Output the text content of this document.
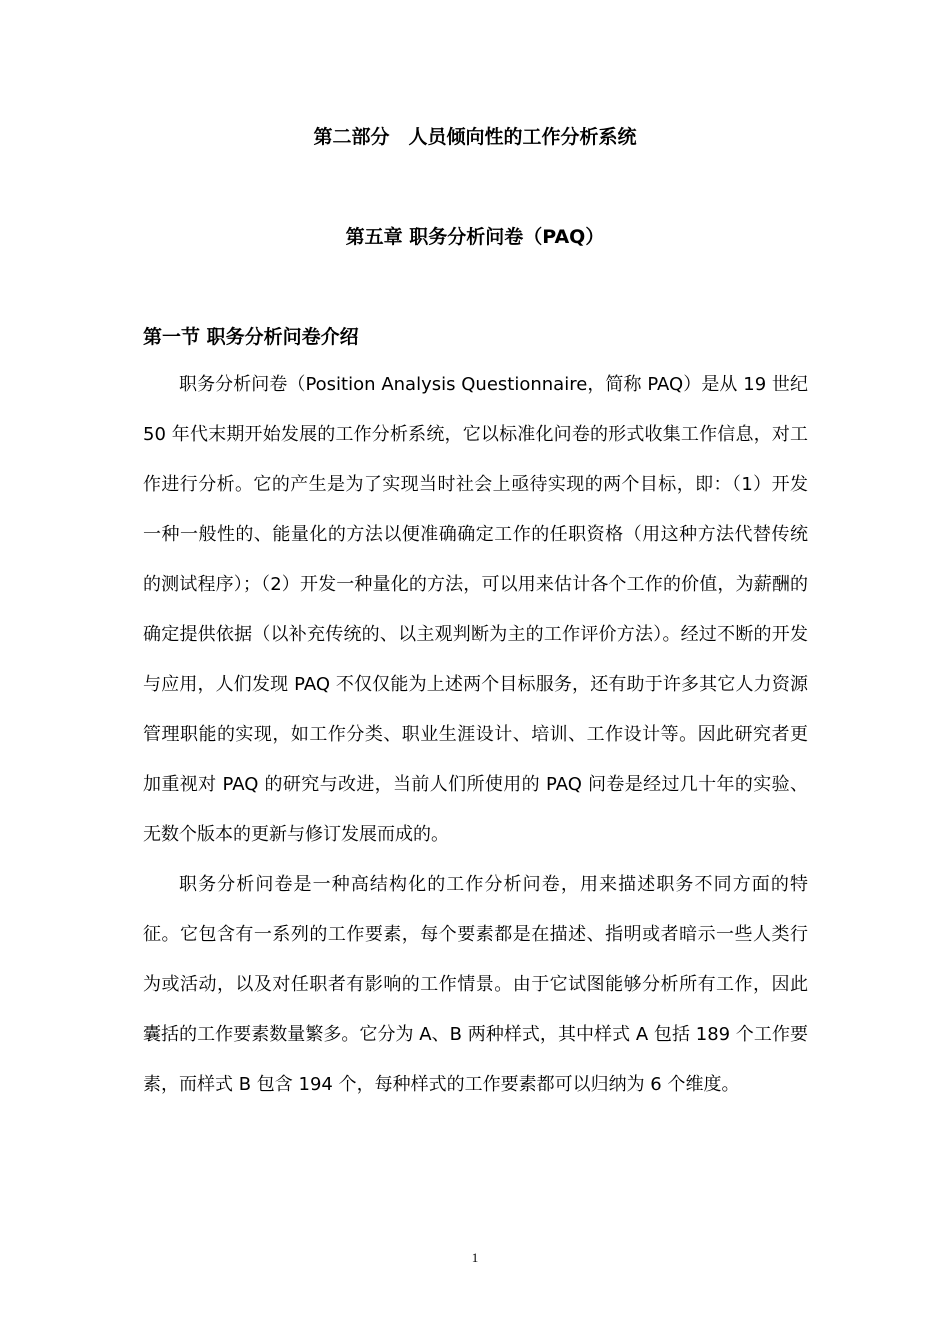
第二部分　人员倾向性的工作分析系统
第五章 职务分析问卷（PAQ）
第一节 职务分析问卷介绍

职务分析问卷（Position Analysis Questionnaire，简称 PAQ）是从 19 世纪 50 年代末期开始发展的工作分析系统，它以标准化问卷的形式收集工作信息，对工作进行分析。它的产生是为了实现当时社会上亟待实现的两个目标，即：（1）开发一种一般性的、能量化的方法以便准确确定工作的任职资格（用这种方法代替传统的测试程序）；（2）开发一种量化的方法，可以用来估计各个工作的价值，为薪酬的确定提供依据（以补充传统的、以主观判断为主的工作评价方法）。经过不断的开发与应用，人们发现 PAQ 不仅仅能为上述两个目标服务，还有助于许多其它人力资源管理职能的实现，如工作分类、职业生涯设计、培训、工作设计等。因此研究者更加重视对 PAQ 的研究与改进，当前人们所使用的 PAQ 问卷是经过几十年的实验、无数个版本的更新与修订发展而成的。

职务分析问卷是一种高结构化的工作分析问卷，用来描述职务不同方面的特征。它包含有一系列的工作要素，每个要素都是在描述、指明或者暗示一些人类行为或活动，以及对任职者有影响的工作情景。由于它试图能够分析所有工作，因此囊括的工作要素数量繁多。它分为 A、B 两种样式，其中样式 A 包括 189 个工作要素，而样式 B 包含 194 个，每种样式的工作要素都可以归纳为 6 个维度。

1
